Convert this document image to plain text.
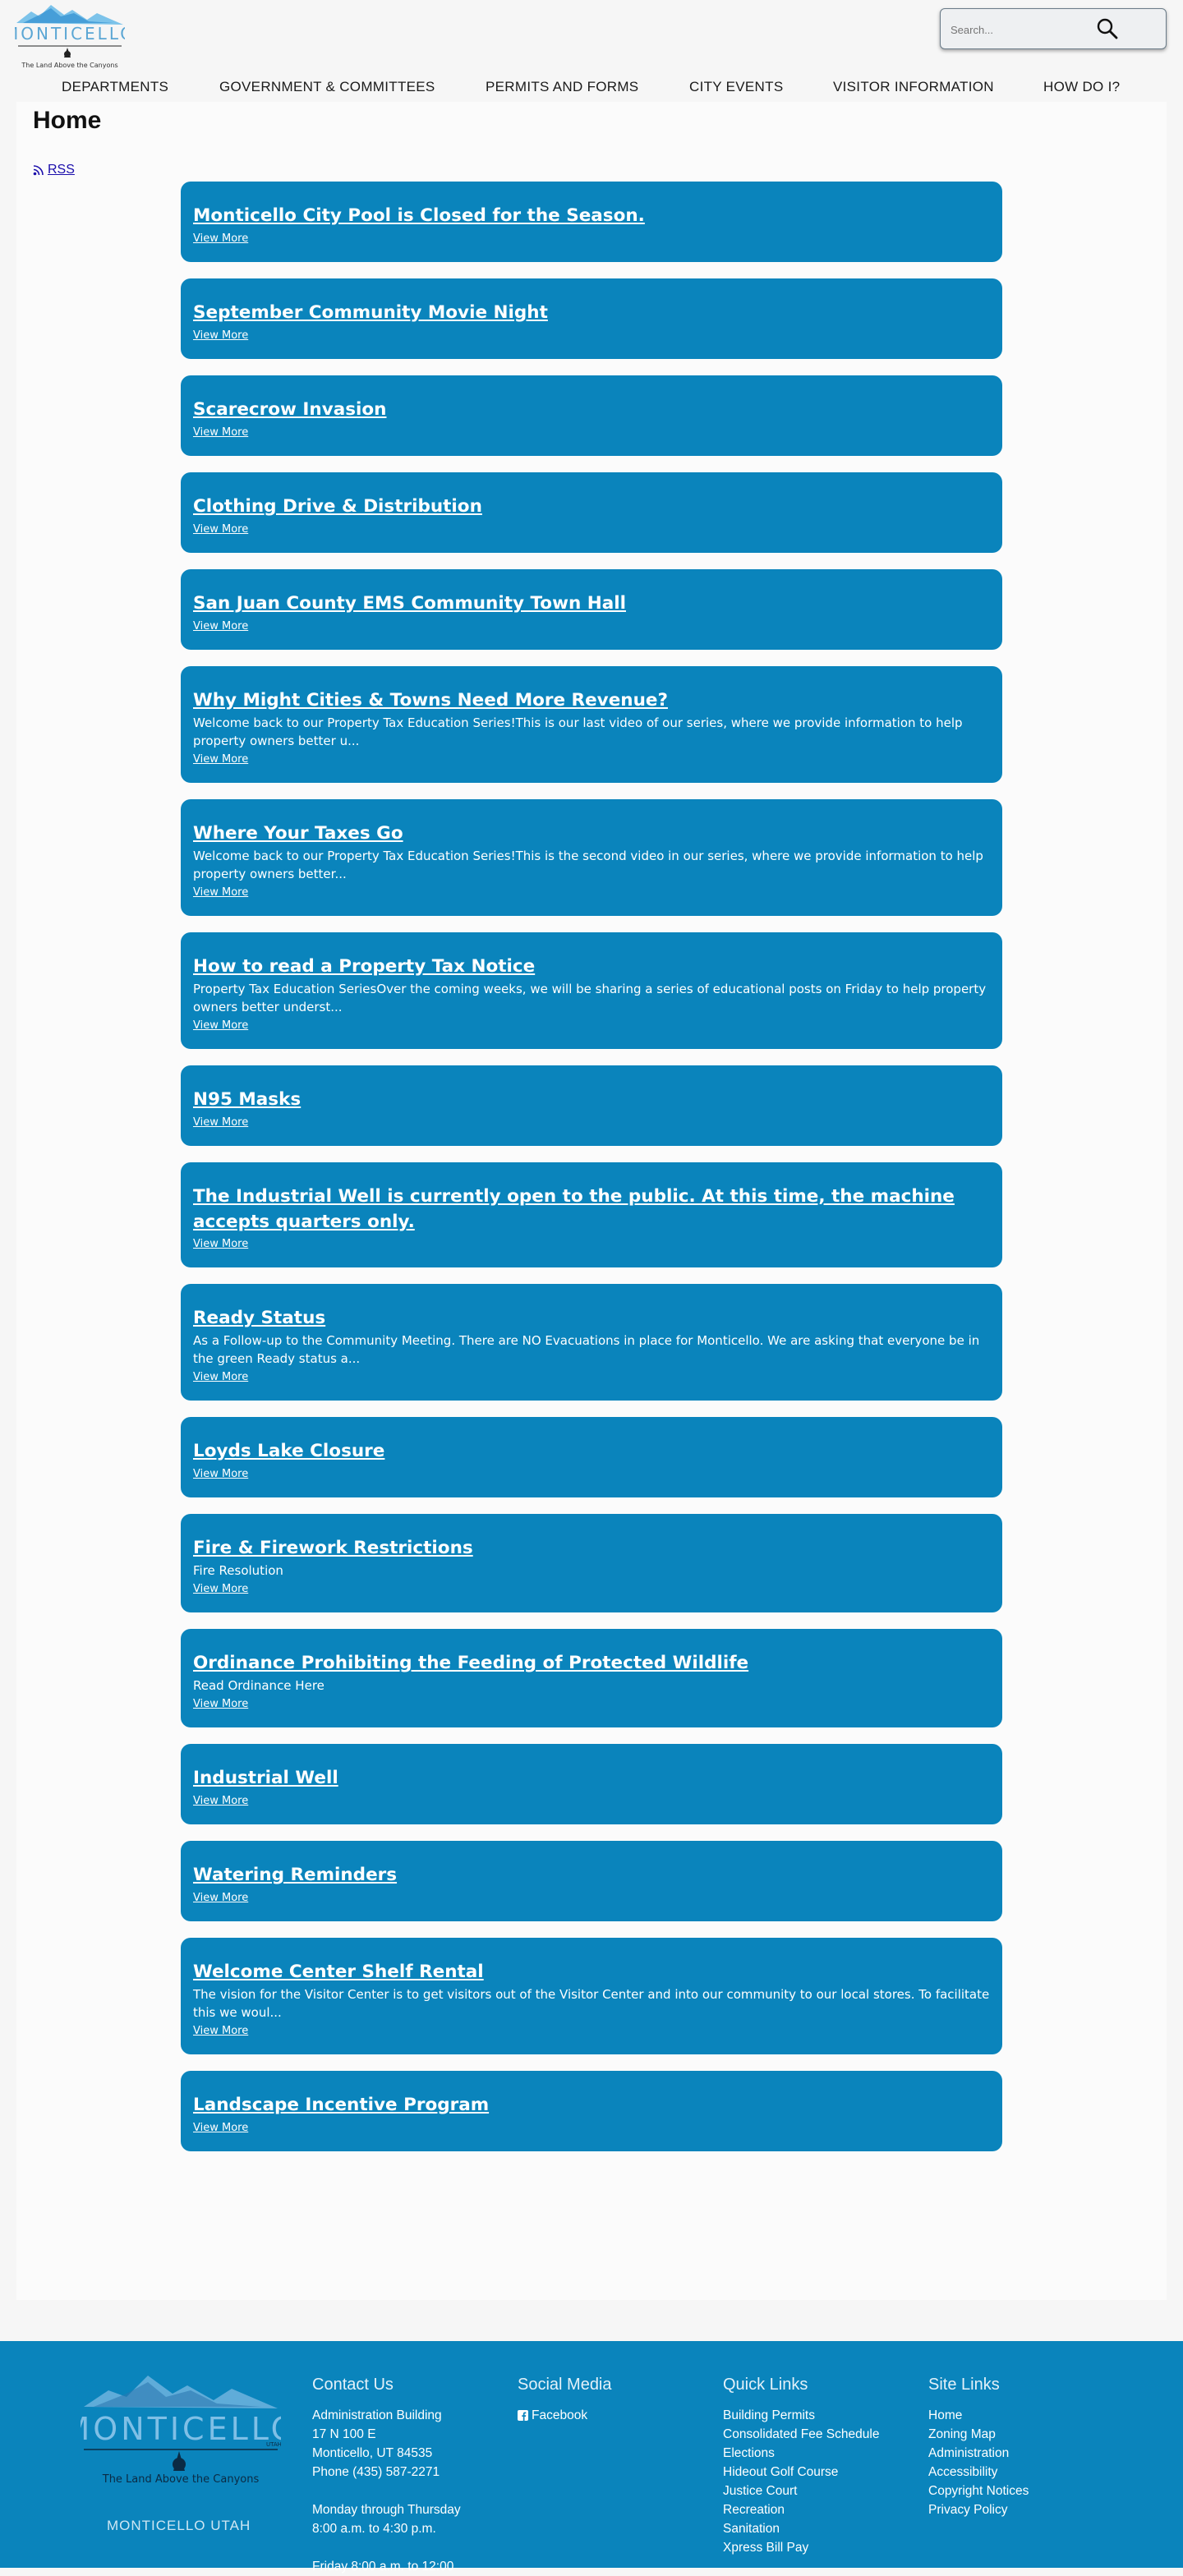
ONTICELL
The Land Above the Canyons
Search...
DEPARTMENTS	GOVERNMENT & COMMITTEES	PERMITS AND FORMS	CITY EVENTS	VISITOR INFORMATION	HOW DO I?
Home
RSS
Monticello City Pool is Closed for the Season.
View More
September Community Movie Night
View More
Scarecrow Invasion
View More
Clothing Drive & Distribution
View More
San Juan County EMS Community Town Hall
View More
Why Might Cities & Towns Need More Revenue?
Welcome back to our Property Tax Education Series!This is our last video of our series, where we provide information to help property owners better u...
View More
Where Your Taxes Go
Welcome back to our Property Tax Education Series!This is the second video in our series, where we provide information to help property owners better...
View More
How to read a Property Tax Notice
Property Tax Education SeriesOver the coming weeks, we will be sharing a series of educational posts on Friday to help property owners better underst...
View More
N95 Masks
View More
The Industrial Well is currently open to the public. At this time, the machine accepts quarters only.
View More
Ready Status
As a Follow-up to the Community Meeting. There are NO Evacuations in place for Monticello. We are asking that everyone be in the green Ready status a...
View More
Loyds Lake Closure
View More
Fire & Firework Restrictions
Fire Resolution
View More
Ordinance Prohibiting the Feeding of Protected Wildlife
Read Ordinance Here
View More
Industrial Well
View More
Watering Reminders
View More
Welcome Center Shelf Rental
The vision for the Visitor Center is to get visitors out of the Visitor Center and into our community to our local stores. To facilitate this we woul...
View More
Landscape Incentive Program
View More
ONTICELL
UTAH
The Land Above the Canyons
MONTICELLO UTAH
Contact Us
Administration Building
17 N 100 E
Monticello, UT 84535
Phone (435) 587-2271
Monday through Thursday
8:00 a.m. to 4:30 p.m.
Friday 8:00 a.m. to 12:00
Social Media
Facebook
Quick Links
Building Permits
Consolidated Fee Schedule
Elections
Hideout Golf Course
Justice Court
Recreation
Sanitation
Xpress Bill Pay
Site Links
Home
Zoning Map
Administration
Accessibility
Copyright Notices
Privacy Policy
